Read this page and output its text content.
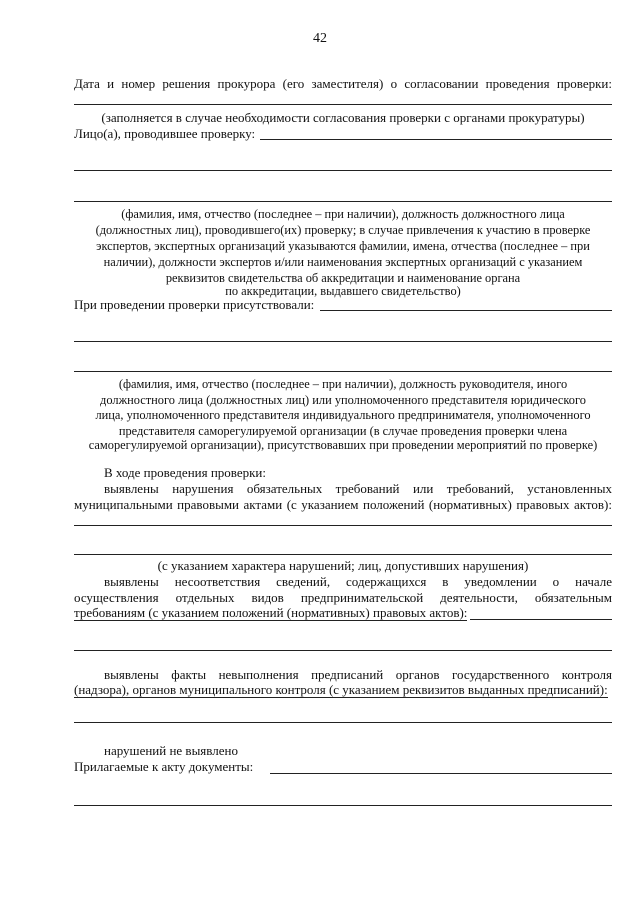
42
Дата и номер решения прокурора (его заместителя) о согласовании проведения проверки:
(заполняется в случае необходимости согласования проверки с органами прокуратуры)
Лицо(а), проводившее проверку:
(фамилия, имя, отчество (последнее – при наличии), должность должностного лица
(должностных лиц), проводившего(их) проверку; в случае привлечения к участию в проверке
экспертов, экспертных организаций указываются фамилии, имена, отчества (последнее – при
наличии), должности экспертов и/или наименования экспертных организаций с указанием
реквизитов свидетельства об аккредитации и наименование органа
по аккредитации, выдавшего свидетельство)
При проведении проверки присутствовали:
(фамилия, имя, отчество (последнее – при наличии), должность руководителя, иного
должностного лица (должностных лиц) или уполномоченного представителя юридического
лица, уполномоченного представителя индивидуального предпринимателя, уполномоченного
представителя саморегулируемой организации (в случае проведения проверки члена
саморегулируемой организации), присутствовавших при проведении мероприятий по проверке)
В ходе проведения проверки:
выявлены нарушения обязательных требований или требований, установленных
муниципальными правовыми актами (с указанием положений (нормативных) правовых актов):
(с указанием характера нарушений; лиц, допустивших нарушения)
выявлены несоответствия сведений, содержащихся в уведомлении о начале
осуществления отдельных видов предпринимательской деятельности, обязательным
требованиям (с указанием положений (нормативных) правовых актов):
выявлены факты невыполнения предписаний органов государственного контроля
(надзора), органов муниципального контроля (с указанием реквизитов выданных предписаний):
нарушений не выявлено
Прилагаемые к акту документы:
